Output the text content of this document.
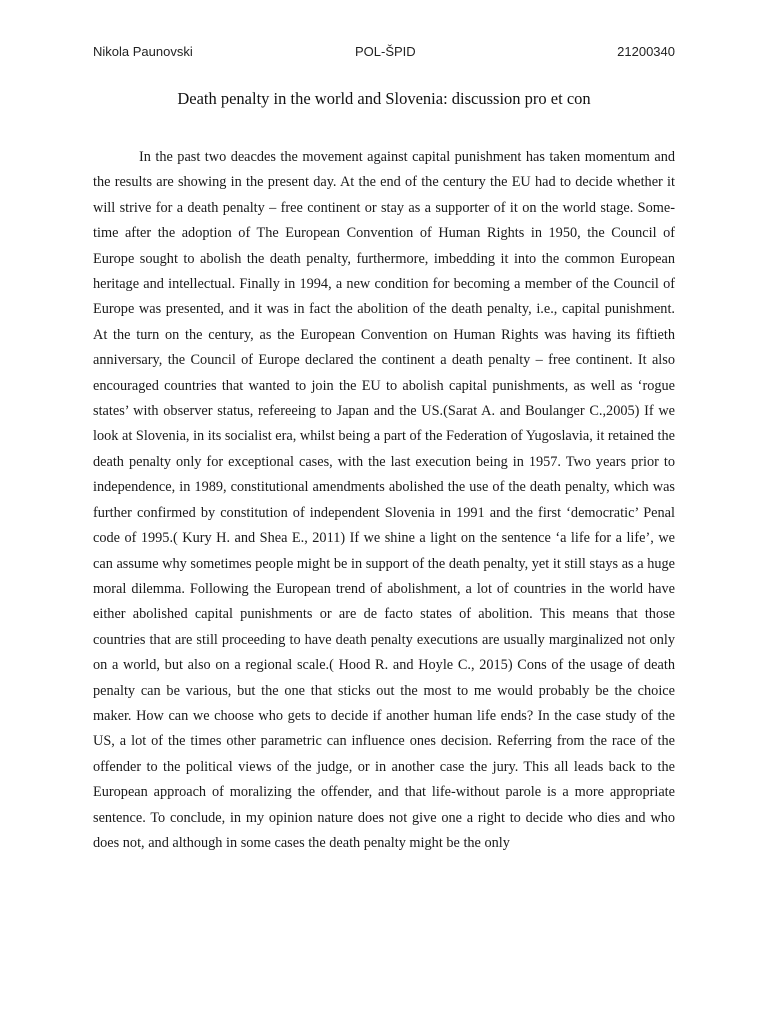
Nikola Paunovski	POL-ŠPID	21200340
Death penalty in the world and Slovenia: discussion pro et con

In the past two deacdes the movement against capital punishment has taken momentum and the results are showing in the present day. At the end of the century the EU had to decide whether it will strive for a death penalty – free continent or stay as a supporter of it on the world stage. Some-time after the adoption of The European Convention of Human Rights in 1950, the Council of Europe sought to abolish the death penalty, furthermore, imbedding it into the common European heritage and intellectual. Finally in 1994, a new condition for becoming a member of the Council of Europe was presented, and it was in fact the abolition of the death penalty, i.e., capital punishment. At the turn on the century, as the European Convention on Human Rights was having its fiftieth anniversary, the Council of Europe declared the continent a death penalty – free continent. It also encouraged countries that wanted to join the EU to abolish capital punishments, as well as ‘rogue states’ with observer status, refereeing to Japan and the US.(Sarat A. and Boulanger C.,2005) If we look at Slovenia, in its socialist era, whilst being a part of the Federation of Yugoslavia, it retained the death penalty only for exceptional cases, with the last execution being in 1957. Two years prior to independence, in 1989, constitutional amendments abolished the use of the death penalty, which was further confirmed by constitution of independent Slovenia in 1991 and the first ‘democratic’ Penal code of 1995.( Kury H. and Shea E., 2011) If we shine a light on the sentence ‘a life for a life’, we can assume why sometimes people might be in support of the death penalty, yet it still stays as a huge moral dilemma. Following the European trend of abolishment, a lot of countries in the world have either abolished capital punishments or are de facto states of abolition. This means that those countries that are still proceeding to have death penalty executions are usually marginalized not only on a world, but also on a regional scale.( Hood R. and Hoyle C., 2015) Cons of the usage of death penalty can be various, but the one that sticks out the most to me would probably be the choice maker. How can we choose who gets to decide if another human life ends? In the case study of the US, a lot of the times other parametric can influence ones decision. Referring from the race of the offender to the political views of the judge, or in another case the jury. This all leads back to the European approach of moralizing the offender, and that life-without parole is a more appropriate sentence. To conclude, in my opinion nature does not give one a right to decide who dies and who does not, and although in some cases the death penalty might be the only
